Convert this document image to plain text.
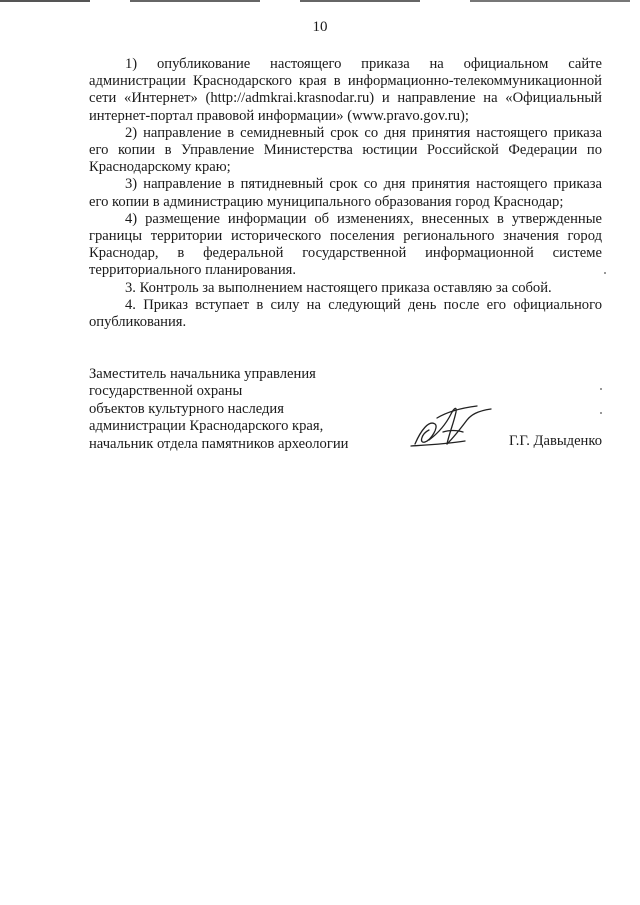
10

1) опубликование настоящего приказа на официальном сайте администрации Краснодарского края в информационно-телекоммуникационной сети «Интернет» (http://admkrai.krasnodar.ru) и направление на «Официальный интернет-портал правовой информации» (www.pravo.gov.ru);

2) направление в семидневный срок со дня принятия настоящего приказа его копии в Управление Министерства юстиции Российской Федерации по Краснодарскому краю;

3) направление в пятидневный срок со дня принятия настоящего приказа его копии в администрацию муниципального образования город Краснодар;

4) размещение информации об изменениях, внесенных в утвержденные границы территории исторического поселения регионального значения город Краснодар, в федеральной государственной информационной системе территориального планирования.

3. Контроль за выполнением настоящего приказа оставляю за собой.

4. Приказ вступает в силу на следующий день после его официального опубликования.

Заместитель начальника управления
государственной охраны
объектов культурного наследия
администрации Краснодарского края,
начальник отдела памятников археологии	Г.Г. Давыденко
